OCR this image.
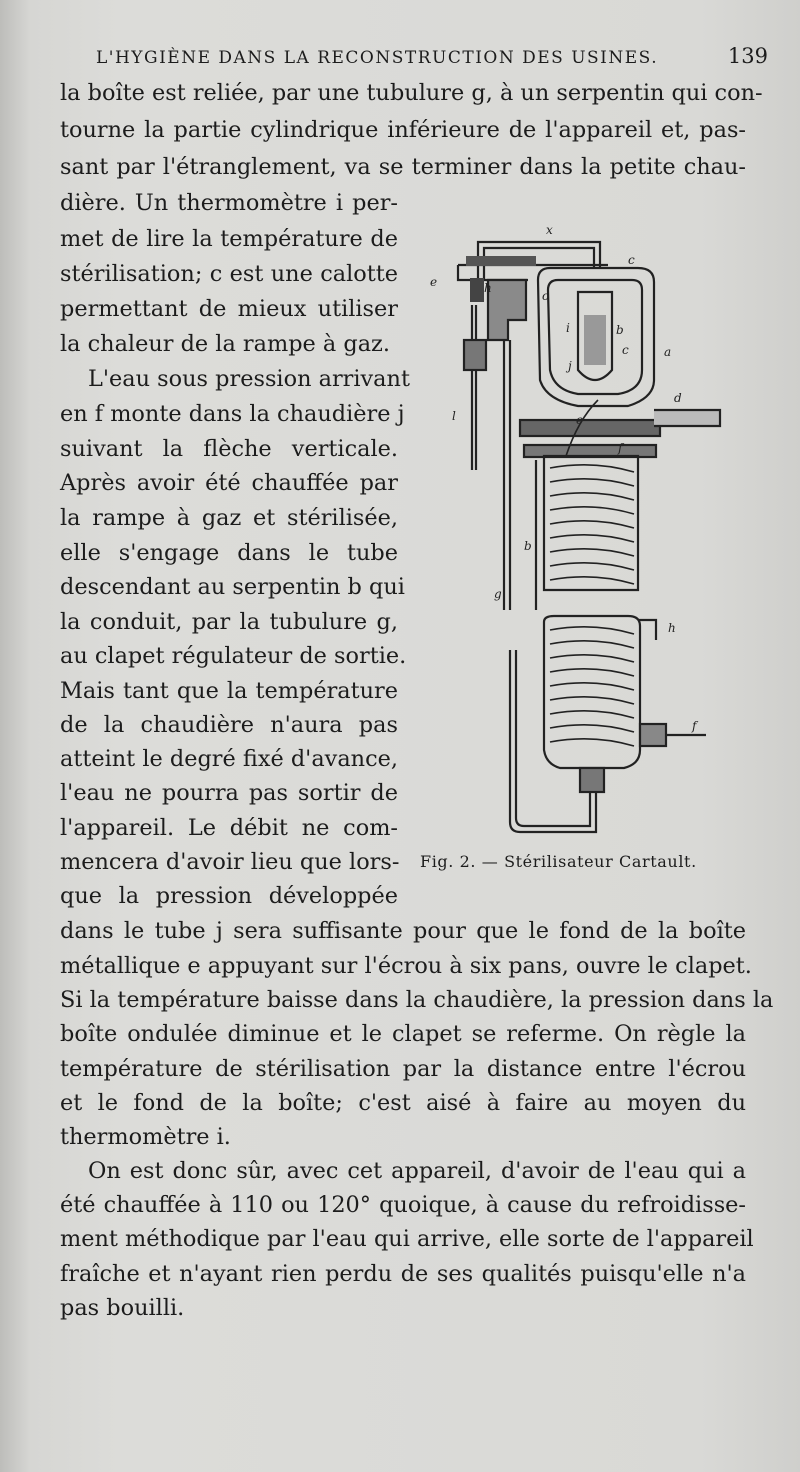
L'HYGIÈNE DANS LA RECONSTRUCTION DES USINES.	139
la boîte est reliée, par une tubulure g, à un serpentin qui con-
tourne la partie cylindrique inférieure de l'appareil et, pas-
sant par l'étranglement, va se terminer dans la petite chau-
dière. Un thermomètre i per-
met de lire la température de
stérilisation; c est une calotte
permettant de mieux utiliser
la chaleur de la rampe à gaz.
L'eau sous pression arrivant
en f monte dans la chaudière j
suivant la flèche verticale.
Après avoir été chauffée par
la rampe à gaz et stérilisée,
elle s'engage dans le tube
descendant au serpentin b qui
la conduit, par la tubulure g,
au clapet régulateur de sortie.
Mais tant que la température
de la chaudière n'aura pas
atteint le degré fixé d'avance,
l'eau ne pourra pas sortir de
l'appareil. Le débit ne com-
mencera d'avoir lieu que lors-
que la pression développée
dans le tube j sera suffisante pour que le fond de la boîte
métallique e appuyant sur l'écrou à six pans, ouvre le clapet.
Si la température baisse dans la chaudière, la pression dans la
boîte ondulée diminue et le clapet se referme. On règle la
température de stérilisation par la distance entre l'écrou
et le fond de la boîte; c'est aisé à faire au moyen du
thermomètre i.
On est donc sûr, avec cet appareil, d'avoir de l'eau qui a
été chauffée à 110 ou 120° quoique, à cause du refroidisse-
ment méthodique par l'eau qui arrive, elle sorte de l'appareil
fraîche et n'ayant rien perdu de ses qualités puisqu'elle n'a
pas bouilli.
x
c
e	h
o
i	b
c	a
j
d
l	e
f
b
g
h
f
Fig. 2. — Stérilisateur Cartault.
